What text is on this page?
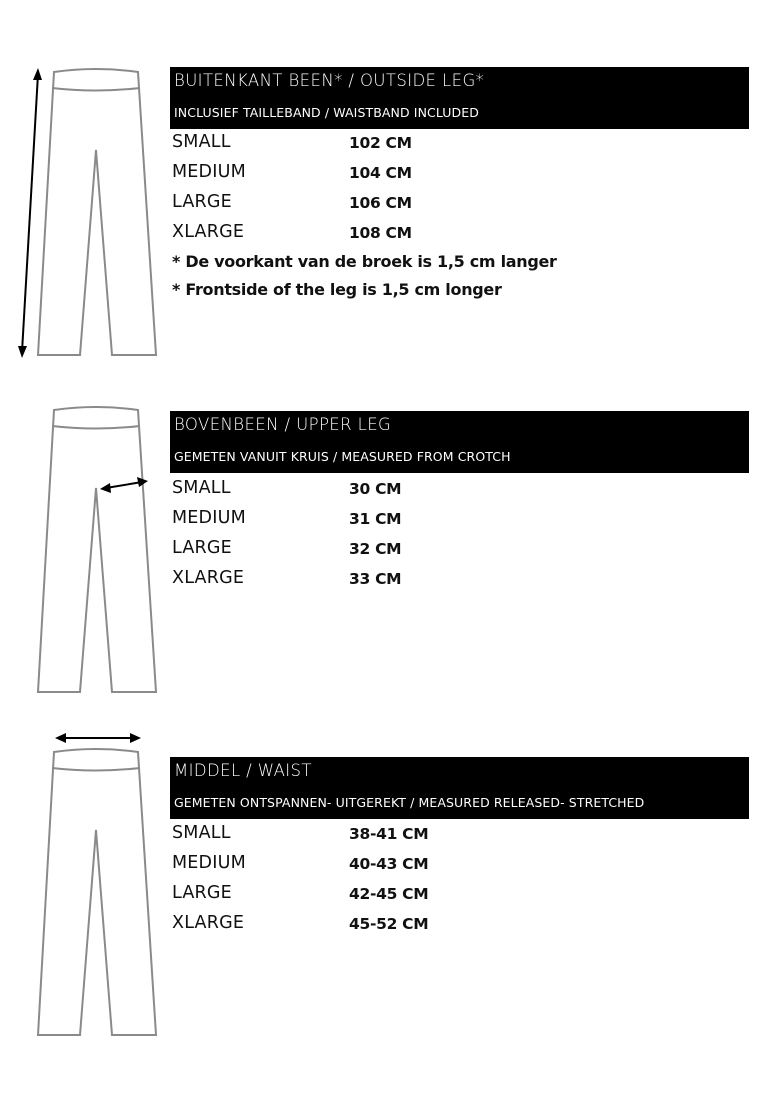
BUITENKANT BEEN* / OUTSIDE LEG*
INCLUSIEF TAILLEBAND / WAISTBAND INCLUDED
SMALL	102 CM
MEDIUM	104 CM
LARGE	106 CM
XLARGE	108 CM
* De voorkant van de broek is 1,5 cm langer
* Frontside of the leg is 1,5 cm longer
BOVENBEEN / UPPER LEG
GEMETEN VANUIT KRUIS / MEASURED FROM CROTCH
SMALL	30 CM
MEDIUM	31 CM
LARGE	32 CM
XLARGE	33 CM
MIDDEL / WAIST
GEMETEN ONTSPANNEN- UITGEREKT / MEASURED RELEASED- STRETCHED
SMALL	38-41 CM
MEDIUM	40-43 CM
LARGE	42-45 CM
XLARGE	45-52 CM
